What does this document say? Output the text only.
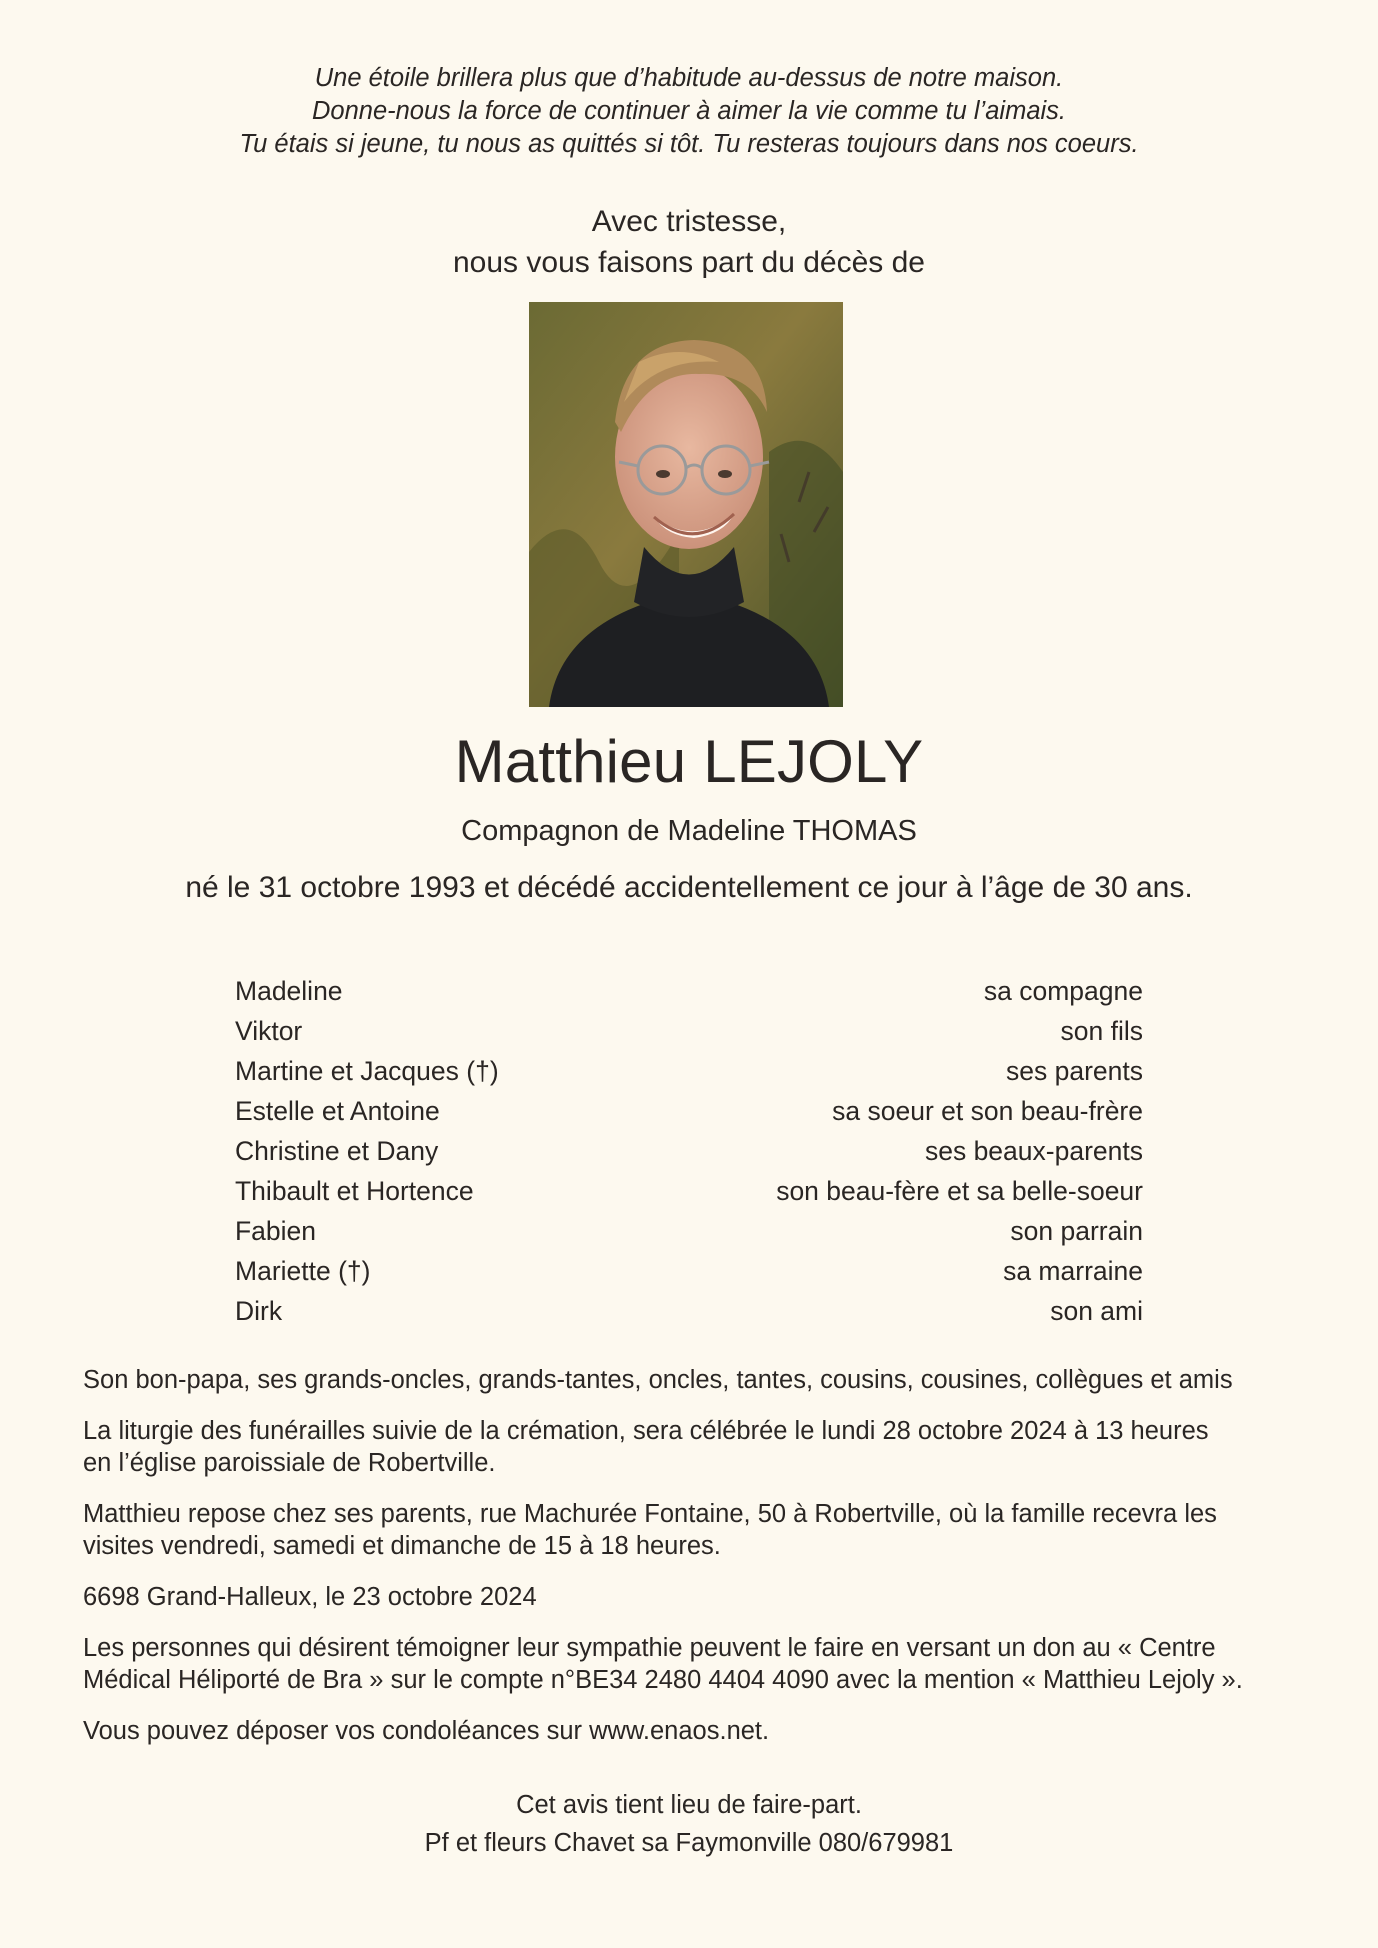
Une étoile brillera plus que d’habitude au-dessus de notre maison.
Donne-nous la force de continuer à aimer la vie comme tu l’aimais.
Tu étais si jeune, tu nous as quittés si tôt. Tu resteras toujours dans nos coeurs.
Avec tristesse,
nous vous faisons part du décès de
Matthieu LEJOLY
Compagnon de Madeline THOMAS
né le 31 octobre 1993 et décédé accidentellement ce jour à l’âge de 30 ans.
Madeline	sa compagne
Viktor	son fils
Martine et Jacques (†)	ses parents
Estelle et Antoine	sa soeur et son beau-frère
Christine et Dany	ses beaux-parents
Thibault et Hortence	son beau-fère et sa belle-soeur
Fabien	son parrain
Mariette (†)	sa marraine
Dirk	son ami

Son bon-papa, ses grands-oncles, grands-tantes, oncles, tantes, cousins, cousines, collègues et amis

La liturgie des funérailles suivie de la crémation, sera célébrée le lundi 28 octobre 2024 à 13 heures
en l’église paroissiale de Robertville.

Matthieu repose chez ses parents, rue Machurée Fontaine, 50 à Robertville, où la famille recevra les
visites vendredi, samedi et dimanche de 15 à 18 heures.

6698 Grand-Halleux, le 23 octobre 2024

Les personnes qui désirent témoigner leur sympathie peuvent le faire en versant un don au « Centre
Médical Héliporté de Bra » sur le compte n°BE34 2480 4404 4090 avec la mention « Matthieu Lejoly ».

Vous pouvez déposer vos condoléances sur www.enaos.net.

Cet avis tient lieu de faire-part.
Pf et fleurs Chavet sa Faymonville 080/679981
